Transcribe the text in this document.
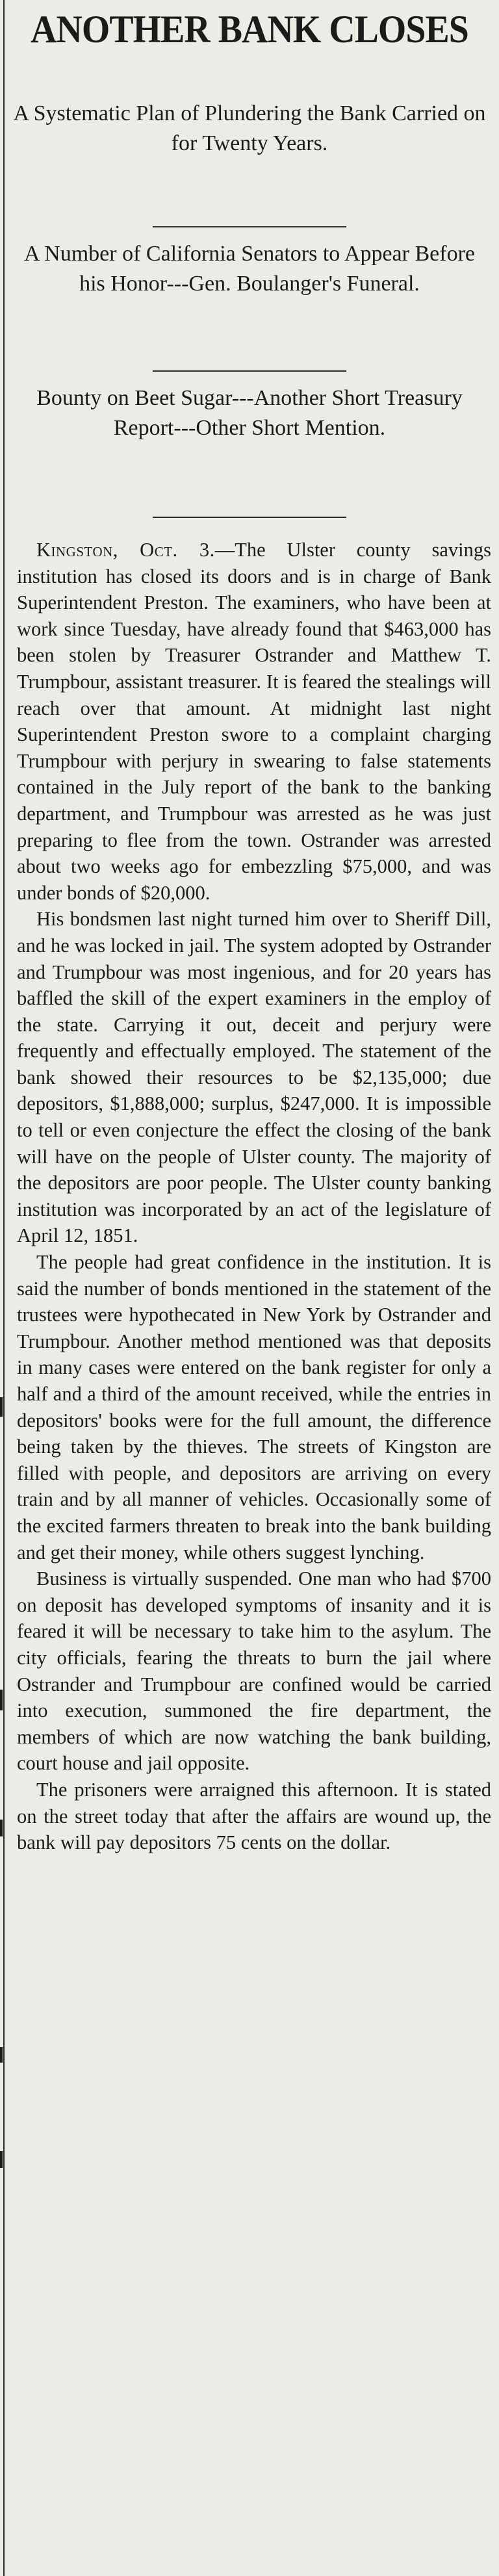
ANOTHER BANK CLOSES
A Systematic Plan of Plundering the Bank Carried on for Twenty Years.
A Number of California Senators to Appear Before his Honor---Gen. Boulanger's Funeral.
Bounty on Beet Sugar---Another Short Treasury Report---Other Short Mention.

Kingston, Oct. 3.—The Ulster county savings institution has closed its doors and is in charge of Bank Superintendent Preston. The examiners, who have been at work since Tuesday, have already found that $463,000 has been stolen by Treasurer Ostrander and Matthew T. Trumpbour, assistant treasurer. It is feared the stealings will reach over that amount. At midnight last night Superintendent Preston swore to a complaint charging Trumpbour with perjury in swearing to false statements contained in the July report of the bank to the banking department, and Trumpbour was arrested as he was just preparing to flee from the town. Ostrander was arrested about two weeks ago for embezzling $75,000, and was under bonds of $20,000.

His bondsmen last night turned him over to Sheriff Dill, and he was locked in jail. The system adopted by Ostrander and Trumpbour was most ingenious, and for 20 years has baffled the skill of the expert examiners in the employ of the state. Carrying it out, deceit and perjury were frequently and effectually employed. The statement of the bank showed their resources to be $2,135,000; due depositors, $1,888,000; surplus, $247,000. It is impossible to tell or even conjecture the effect the closing of the bank will have on the people of Ulster county. The majority of the depositors are poor people. The Ulster county banking institution was incorporated by an act of the legislature of April 12, 1851.

The people had great confidence in the institution. It is said the number of bonds mentioned in the statement of the trustees were hypothecated in New York by Ostrander and Trumpbour. Another method mentioned was that deposits in many cases were entered on the bank register for only a half and a third of the amount received, while the entries in depositors' books were for the full amount, the difference being taken by the thieves. The streets of Kingston are filled with people, and depositors are arriving on every train and by all manner of vehicles. Occasionally some of the excited farmers threaten to break into the bank building and get their money, while others suggest lynching.

Business is virtually suspended. One man who had $700 on deposit has developed symptoms of insanity and it is feared it will be necessary to take him to the asylum. The city officials, fearing the threats to burn the jail where Ostrander and Trumpbour are confined would be carried into execution, summoned the fire department, the members of which are now watching the bank building, court house and jail opposite.

The prisoners were arraigned this afternoon. It is stated on the street today that after the affairs are wound up, the bank will pay depositors 75 cents on the dollar.
